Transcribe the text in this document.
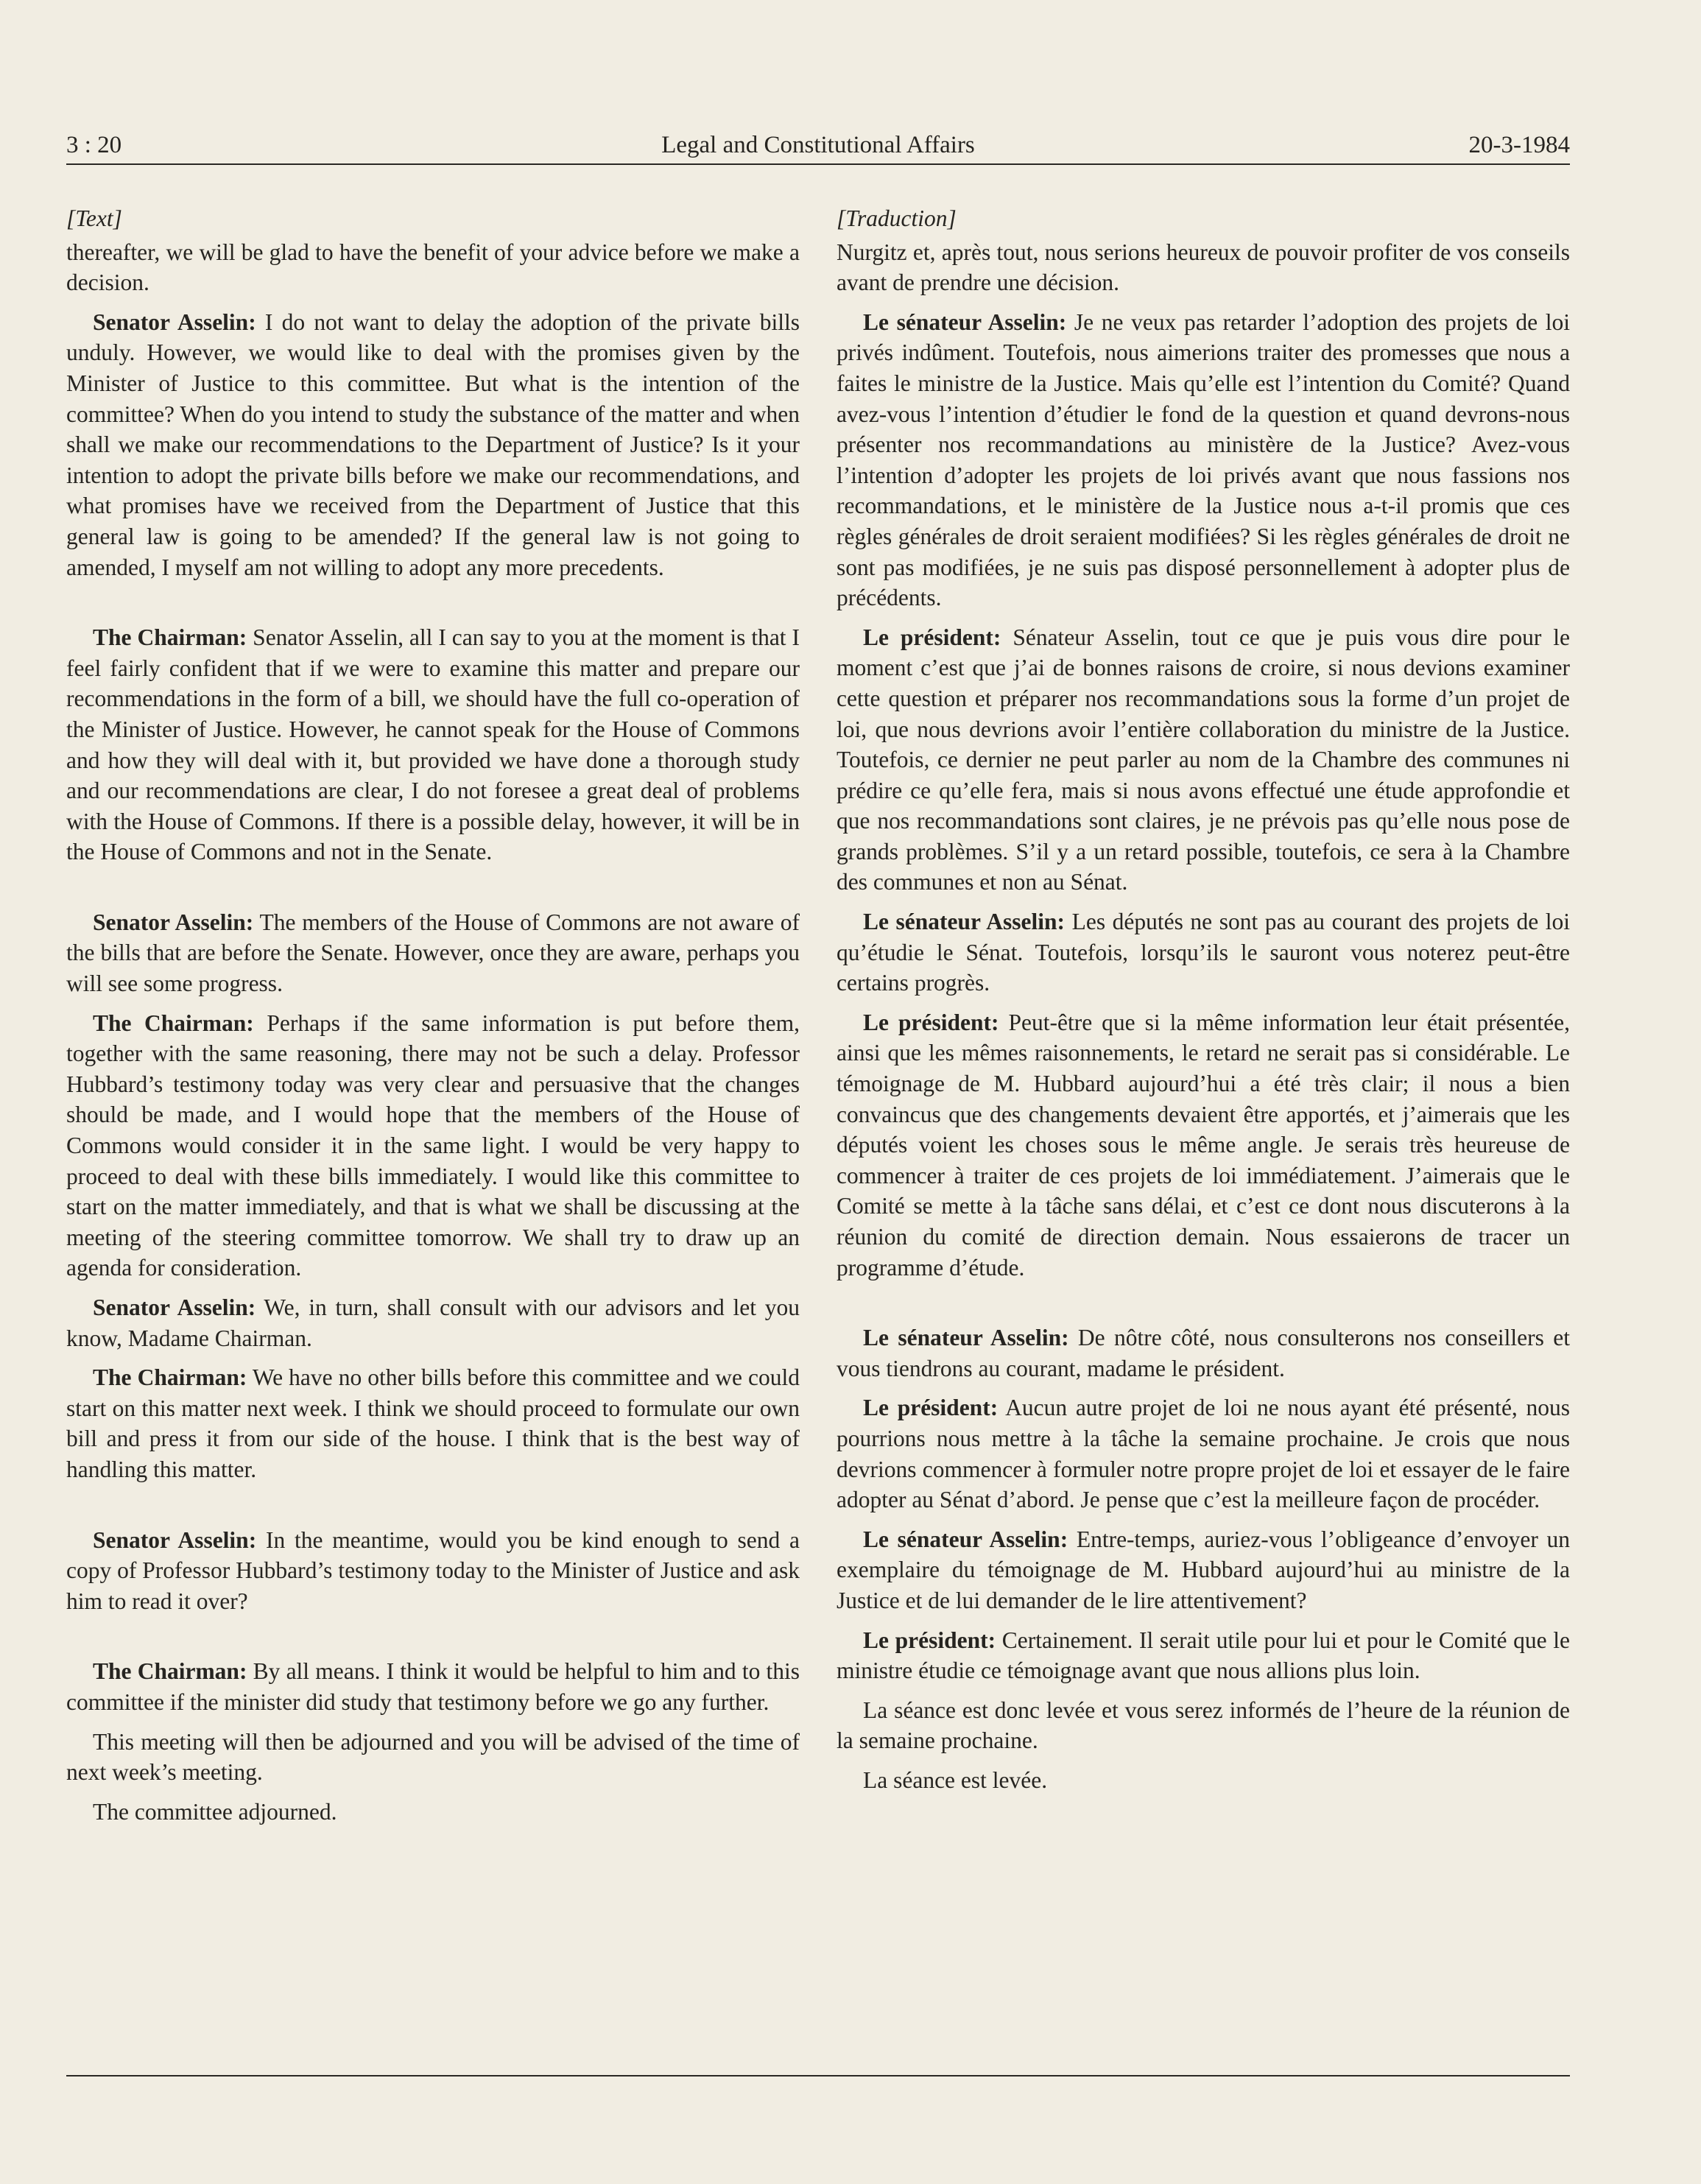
3 : 20	Legal and Constitutional Affairs	20-3-1984

[Text]

thereafter, we will be glad to have the benefit of your advice before we make a decision.

Senator Asselin: I do not want to delay the adoption of the private bills unduly. However, we would like to deal with the promises given by the Minister of Justice to this committee. But what is the intention of the committee? When do you intend to study the substance of the matter and when shall we make our recommendations to the Department of Justice? Is it your intention to adopt the private bills before we make our recommendations, and what promises have we received from the Department of Justice that this general law is going to be amended? If the general law is not going to amended, I myself am not willing to adopt any more precedents.

The Chairman: Senator Asselin, all I can say to you at the moment is that I feel fairly confident that if we were to examine this matter and prepare our recommendations in the form of a bill, we should have the full co-operation of the Minister of Justice. However, he cannot speak for the House of Commons and how they will deal with it, but provided we have done a thorough study and our recommendations are clear, I do not foresee a great deal of problems with the House of Commons. If there is a possible delay, however, it will be in the House of Commons and not in the Senate.

Senator Asselin: The members of the House of Commons are not aware of the bills that are before the Senate. However, once they are aware, perhaps you will see some progress.

The Chairman: Perhaps if the same information is put before them, together with the same reasoning, there may not be such a delay. Professor Hubbard’s testimony today was very clear and persuasive that the changes should be made, and I would hope that the members of the House of Commons would consider it in the same light. I would be very happy to proceed to deal with these bills immediately. I would like this committee to start on the matter immediately, and that is what we shall be discussing at the meeting of the steering committee tomorrow. We shall try to draw up an agenda for consideration.

Senator Asselin: We, in turn, shall consult with our advisors and let you know, Madame Chairman.

The Chairman: We have no other bills before this committee and we could start on this matter next week. I think we should proceed to formulate our own bill and press it from our side of the house. I think that is the best way of handling this matter.

Senator Asselin: In the meantime, would you be kind enough to send a copy of Professor Hubbard’s testimony today to the Minister of Justice and ask him to read it over?

The Chairman: By all means. I think it would be helpful to him and to this committee if the minister did study that testimony before we go any further.

This meeting will then be adjourned and you will be advised of the time of next week’s meeting.

The committee adjourned.

[Traduction]

Nurgitz et, après tout, nous serions heureux de pouvoir profiter de vos conseils avant de prendre une décision.

Le sénateur Asselin: Je ne veux pas retarder l’adoption des projets de loi privés indûment. Toutefois, nous aimerions traiter des promesses que nous a faites le ministre de la Justice. Mais qu’elle est l’intention du Comité? Quand avez-vous l’intention d’étudier le fond de la question et quand devrons-nous présenter nos recommandations au ministère de la Justice? Avez-vous l’intention d’adopter les projets de loi privés avant que nous fassions nos recommandations, et le ministère de la Justice nous a-t-il promis que ces règles générales de droit seraient modifiées? Si les règles générales de droit ne sont pas modifiées, je ne suis pas disposé personnellement à adopter plus de précédents.

Le président: Sénateur Asselin, tout ce que je puis vous dire pour le moment c’est que j’ai de bonnes raisons de croire, si nous devions examiner cette question et préparer nos recommandations sous la forme d’un projet de loi, que nous devrions avoir l’entière collaboration du ministre de la Justice. Toutefois, ce dernier ne peut parler au nom de la Chambre des communes ni prédire ce qu’elle fera, mais si nous avons effectué une étude approfondie et que nos recommandations sont claires, je ne prévois pas qu’elle nous pose de grands problèmes. S’il y a un retard possible, toutefois, ce sera à la Chambre des communes et non au Sénat.

Le sénateur Asselin: Les députés ne sont pas au courant des projets de loi qu’étudie le Sénat. Toutefois, lorsqu’ils le sauront vous noterez peut-être certains progrès.

Le président: Peut-être que si la même information leur était présentée, ainsi que les mêmes raisonnements, le retard ne serait pas si considérable. Le témoignage de M. Hubbard aujourd’hui a été très clair; il nous a bien convaincus que des changements devaient être apportés, et j’aimerais que les députés voient les choses sous le même angle. Je serais très heureuse de commencer à traiter de ces projets de loi immédiatement. J’aimerais que le Comité se mette à la tâche sans délai, et c’est ce dont nous discuterons à la réunion du comité de direction demain. Nous essaierons de tracer un programme d’étude.

Le sénateur Asselin: De nôtre côté, nous consulterons nos conseillers et vous tiendrons au courant, madame le président.

Le président: Aucun autre projet de loi ne nous ayant été présenté, nous pourrions nous mettre à la tâche la semaine prochaine. Je crois que nous devrions commencer à formuler notre propre projet de loi et essayer de le faire adopter au Sénat d’abord. Je pense que c’est la meilleure façon de procéder.

Le sénateur Asselin: Entre-temps, auriez-vous l’obligeance d’envoyer un exemplaire du témoignage de M. Hubbard aujourd’hui au ministre de la Justice et de lui demander de le lire attentivement?

Le président: Certainement. Il serait utile pour lui et pour le Comité que le ministre étudie ce témoignage avant que nous allions plus loin.

La séance est donc levée et vous serez informés de l’heure de la réunion de la semaine prochaine.

La séance est levée.
